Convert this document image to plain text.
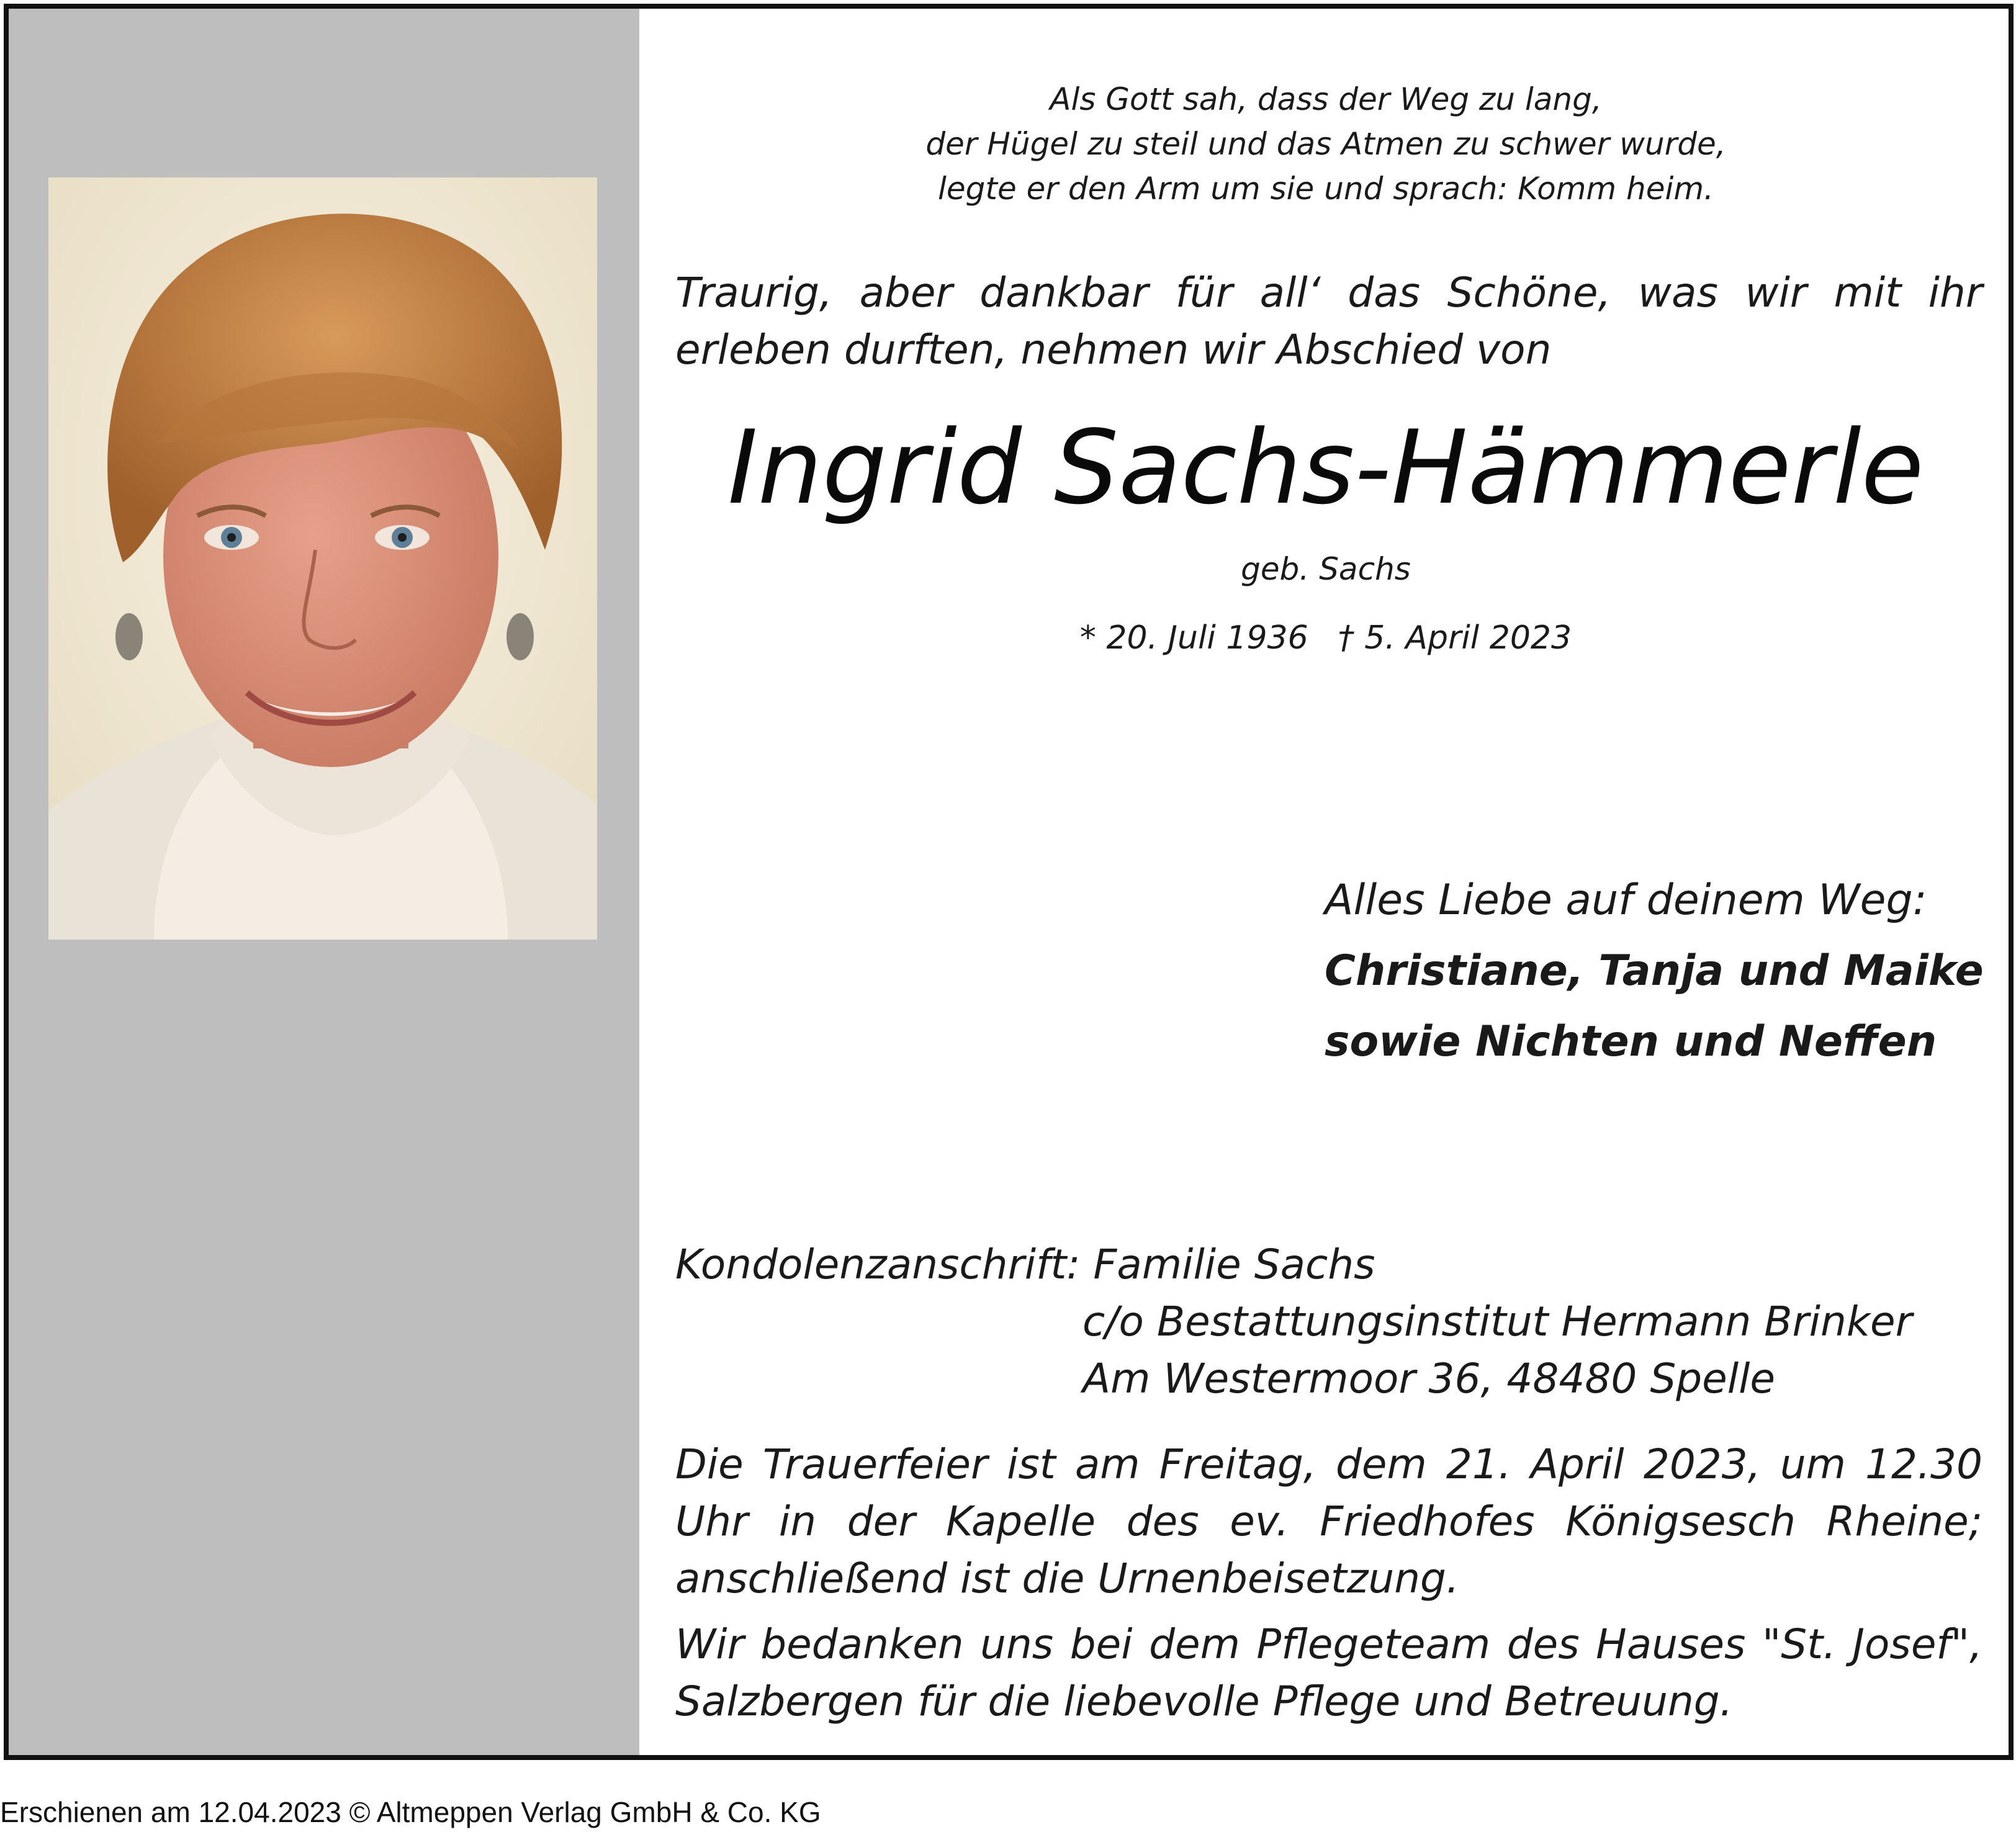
Als Gott sah, dass der Weg zu lang,
der Hügel zu steil und das Atmen zu schwer wurde,
legte er den Arm um sie und sprach: Komm heim.
Traurig, aber dankbar für all‘ das Schöne, was wir mit ihr erleben durften, nehmen wir Abschied von
Ingrid Sachs-Hämmerle
geb. Sachs
* 20. Juli 1936 † 5. April 2023
Alles Liebe auf deinem Weg:
Christiane, Tanja und Maike
sowie Nichten und Neffen
Kondolenzanschrift: Familie Sachs
c/o Bestattungsinstitut Hermann Brinker
Am Westermoor 36, 48480 Spelle
Die Trauerfeier ist am Freitag, dem 21. April 2023, um 12.30 Uhr in der Kapelle des ev. Friedhofes Königsesch Rheine; anschließend ist die Urnenbeisetzung.
Wir bedanken uns bei dem Pflegeteam des Hauses "St. Josef", Salzbergen für die liebevolle Pflege und Betreuung.
Erschienen am 12.04.2023 © Altmeppen Verlag GmbH & Co. KG
